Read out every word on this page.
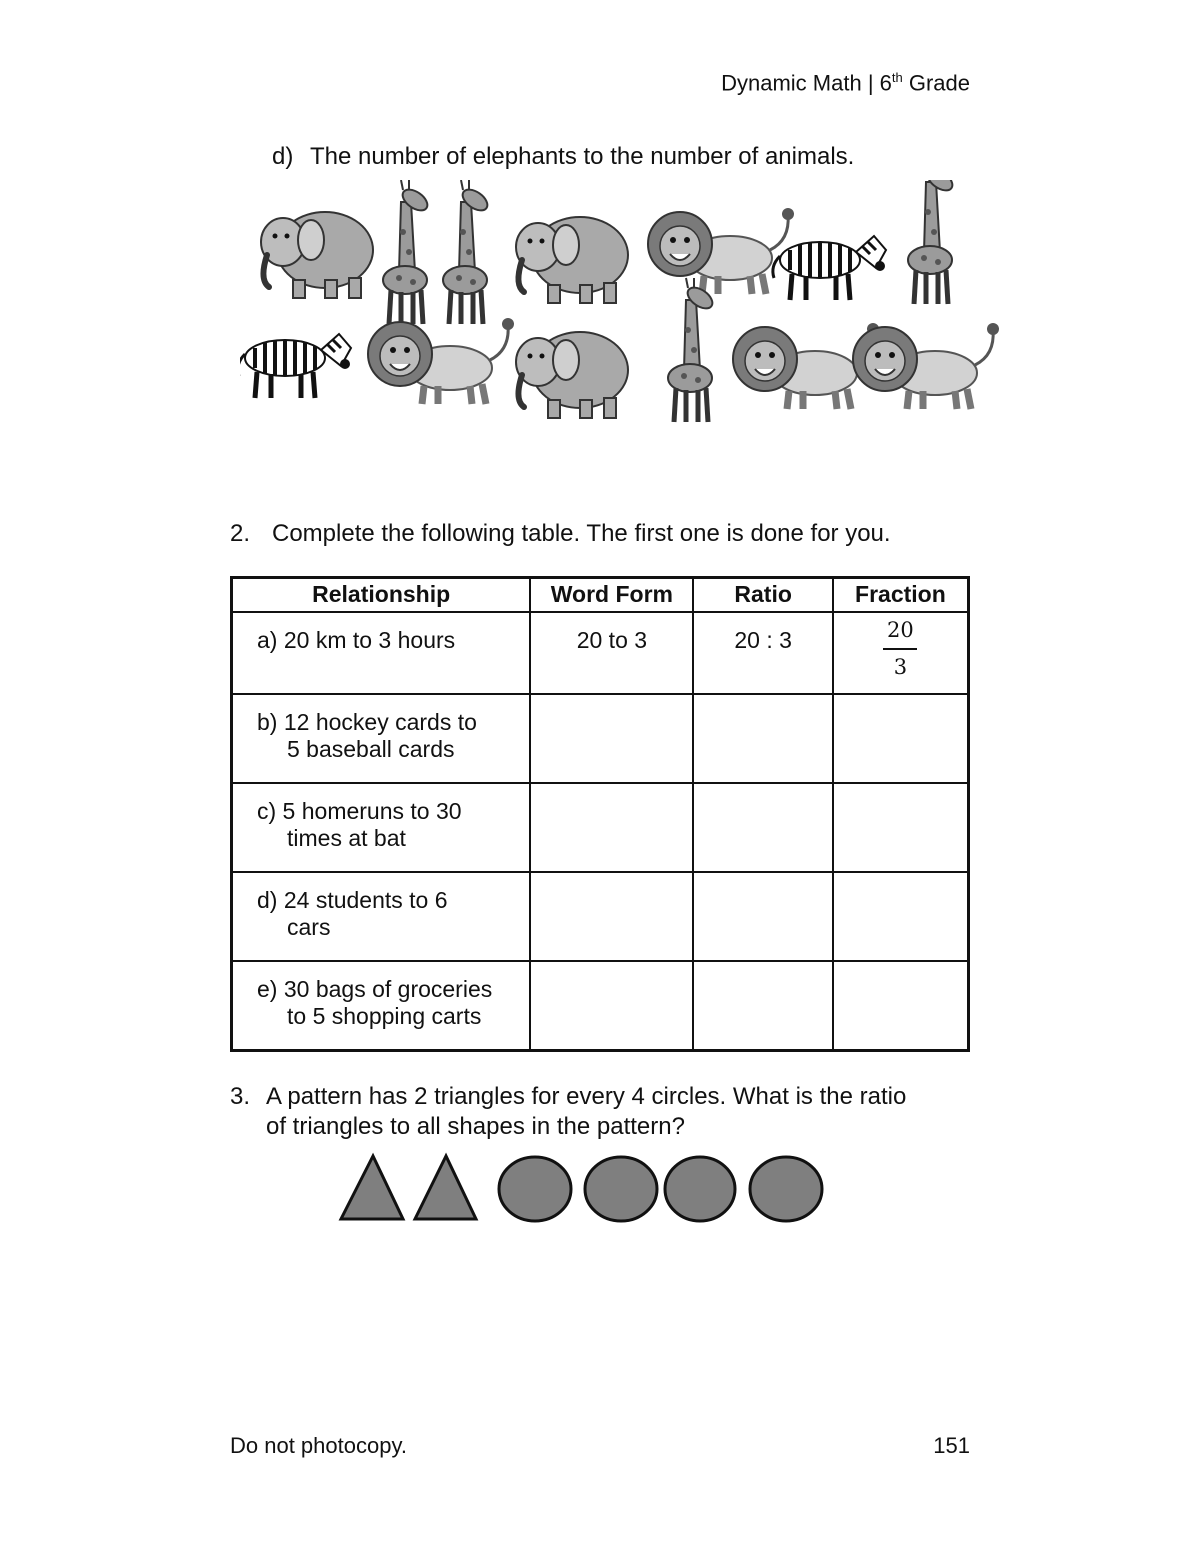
Dynamic Math | 6th Grade
d) The number of elephants to the number of animals.
2. Complete the following table. The first one is done for you.
Relationship	Word Form	Ratio	Fraction

a) 20 km to 3 hours	20 to 3	20 : 3	$\frac{20}{3}$

b) 12 hockey cards to
5 baseball cards			

c) 5 homeruns to 30
times at bat			

d) 24 students to 6
cars			

e) 30 bags of groceries
to 5 shopping carts			

3. A pattern has 2 triangles for every 4 circles. What is the ratio
of triangles to all shapes in the pattern?
Do not photocopy.	151
